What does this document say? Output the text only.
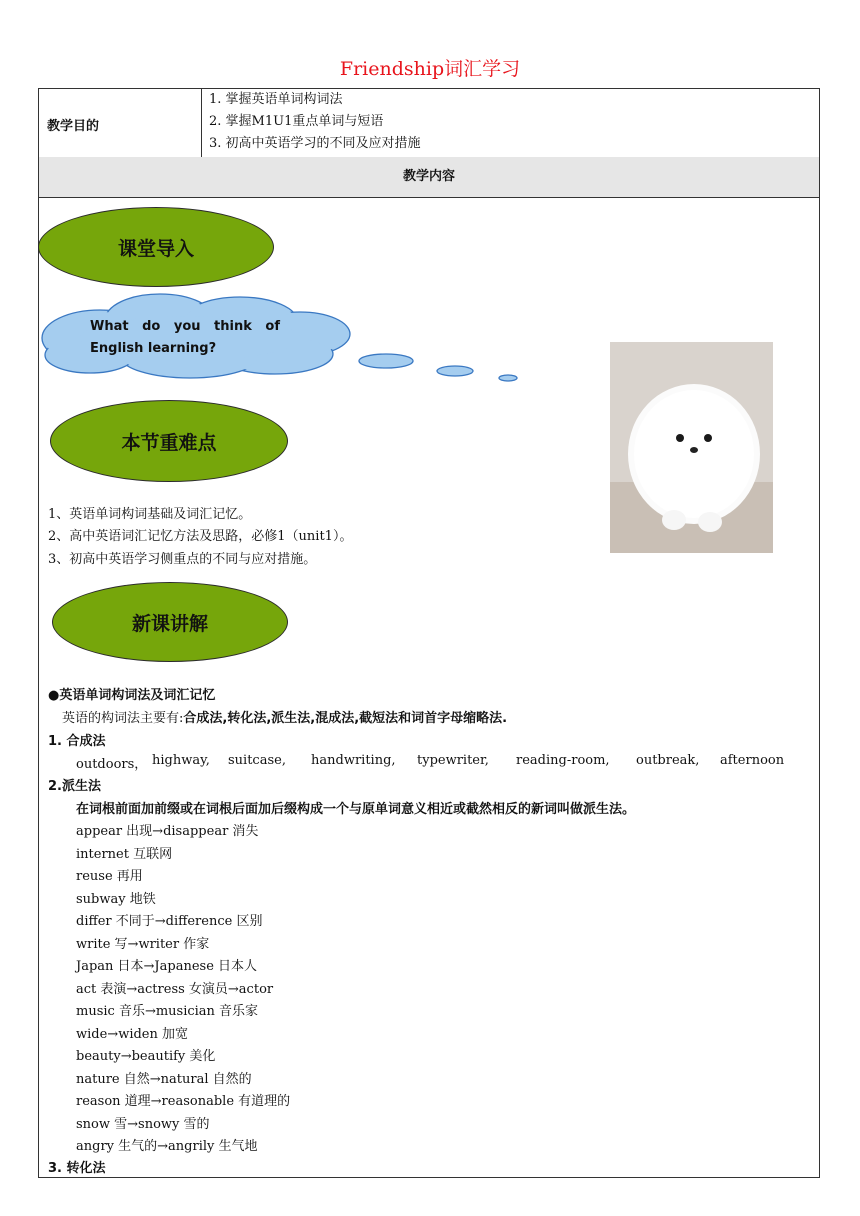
Friendship词汇学习
教学内容
教学目的
1. 掌握英语单词构词法
2. 掌握M1U1重点单词与短语
3. 初高中英语学习的不同及应对措施
课堂导入
本节重难点
新课讲解
What do you think of English learning?
1、英语单词构词基础及词汇记忆。
2、高中英语词汇记忆方法及思路，必修1（unit1）。
3、初高中英语学习侧重点的不同与应对措施。
●英语单词构词法及词汇记忆
英语的构词法主要有:合成法,转化法,派生法,混成法,截短法和词首字母缩略法.
1. 合成法
outdoors， highway, suitcase, handwriting, typewriter, reading-room, outbreak, afternoon
2.派生法
在词根前面加前缀或在词根后面加后缀构成一个与原单词意义相近或截然相反的新词叫做派生法。
appear 出现→disappear 消失
internet 互联网
reuse 再用
subway 地铁
differ 不同于→difference 区别
write 写→writer 作家
Japan 日本→Japanese 日本人
act 表演→actress 女演员→actor
music 音乐→musician 音乐家
wide→widen 加宽
beauty→beautify 美化
nature 自然→natural 自然的
reason 道理→reasonable 有道理的
snow 雪→snowy 雪的
angry 生气的→angrily 生气地
3. 转化法
